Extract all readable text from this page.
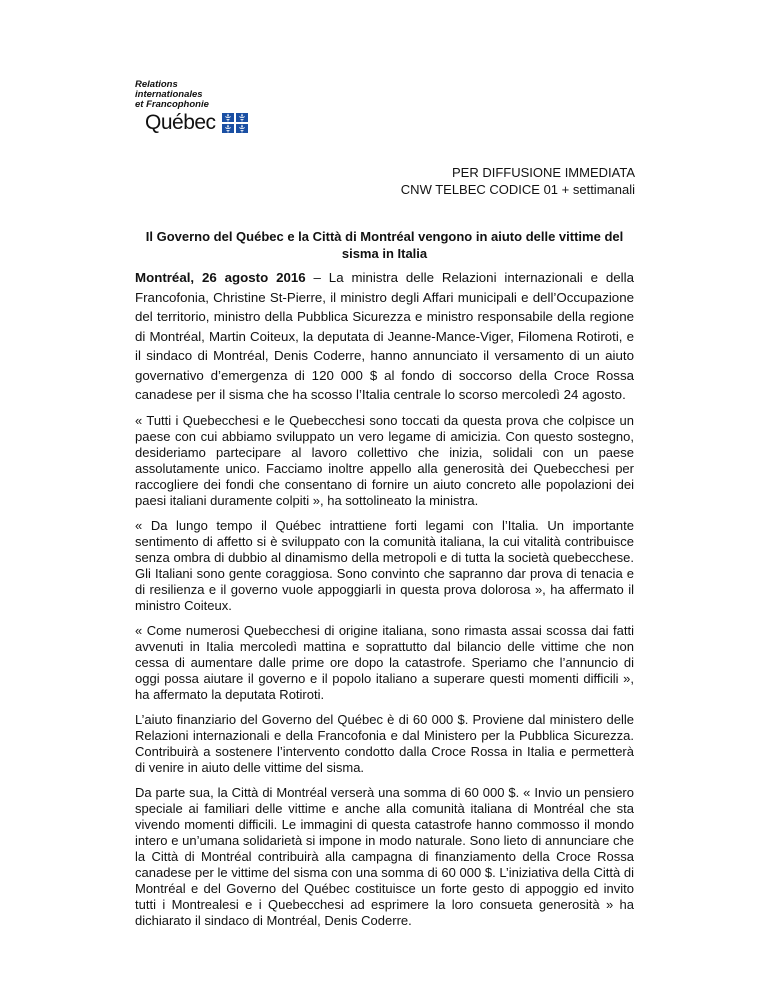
Relations
internationales
et Francophonie
Québec
PER DIFFUSIONE IMMEDIATA
CNW TELBEC CODICE 01 + settimanali
Il Governo del Québec e la Città di Montréal vengono in aiuto delle vittime del sisma in Italia

Montréal, 26 agosto 2016 – La ministra delle Relazioni internazionali e della Francofonia, Christine St-Pierre, il ministro degli Affari municipali e dell’Occupazione del territorio, ministro della Pubblica Sicurezza e ministro responsabile della regione di Montréal, Martin Coiteux, la deputata di Jeanne-Mance-Viger, Filomena Rotiroti, e il sindaco di Montréal, Denis Coderre, hanno annunciato il versamento di un aiuto governativo d’emergenza di 120 000 $ al fondo di soccorso della Croce Rossa canadese per il sisma che ha scosso l’Italia centrale lo scorso mercoledì 24 agosto.

« Tutti i Quebecchesi e le Quebecchesi sono toccati da questa prova che colpisce un paese con cui abbiamo sviluppato un vero legame di amicizia. Con questo sostegno, desideriamo partecipare al lavoro collettivo che inizia, solidali con un paese assolutamente unico. Facciamo inoltre appello alla generosità dei Quebecchesi per raccogliere dei fondi che consentano di fornire un aiuto concreto alle popolazioni dei paesi italiani duramente colpiti », ha sottolineato la ministra.

« Da lungo tempo il Québec intrattiene forti legami con l’Italia. Un importante sentimento di affetto si è sviluppato con la comunità italiana, la cui vitalità contribuisce senza ombra di dubbio al dinamismo della metropoli e di tutta la società quebecchese. Gli Italiani sono gente coraggiosa. Sono convinto che sapranno dar prova di tenacia e di resilienza e il governo vuole appoggiarli in questa prova dolorosa », ha affermato il ministro Coiteux.

« Come numerosi Quebecchesi di origine italiana, sono rimasta assai scossa dai fatti avvenuti in Italia mercoledì mattina e soprattutto dal bilancio delle vittime che non cessa di aumentare dalle prime ore dopo la catastrofe. Speriamo che l’annuncio di oggi possa aiutare il governo e il popolo italiano a superare questi momenti difficili », ha affermato la deputata Rotiroti.

L’aiuto finanziario del Governo del Québec è di 60 000 $. Proviene dal ministero delle Relazioni internazionali e della Francofonia e dal Ministero per la Pubblica Sicurezza. Contribuirà a sostenere l’intervento condotto dalla Croce Rossa in Italia e permetterà di venire in aiuto delle vittime del sisma.

Da parte sua, la Città di Montréal verserà una somma di 60 000 $. « Invio un pensiero speciale ai familiari delle vittime e anche alla comunità italiana di Montréal che sta vivendo momenti difficili. Le immagini di questa catastrofe hanno commosso il mondo intero e un’umana solidarietà si impone in modo naturale. Sono lieto di annunciare che la Città di Montréal contribuirà alla campagna di finanziamento della Croce Rossa canadese per le vittime del sisma con una somma di 60 000 $. L’iniziativa della Città di Montréal e del Governo del Québec costituisce un forte gesto di appoggio ed invito tutti i Montrealesi e i Quebecchesi ad esprimere la loro consueta generosità » ha dichiarato il sindaco di Montréal, Denis Coderre.
